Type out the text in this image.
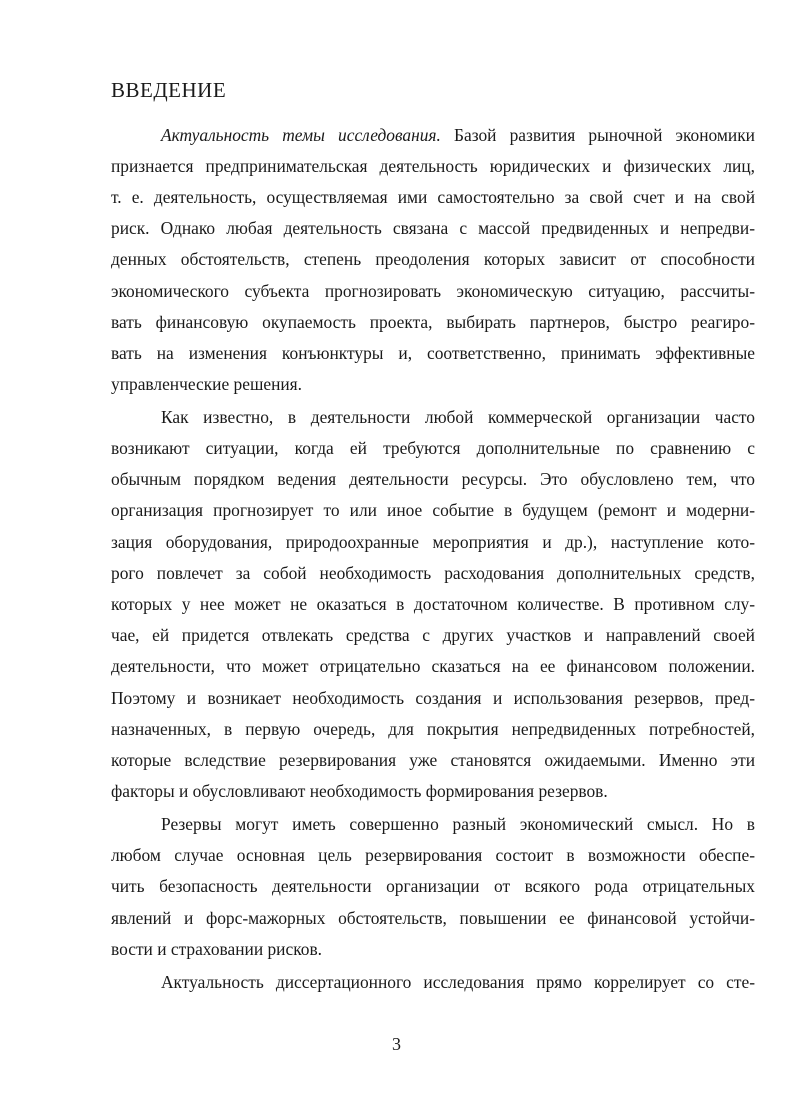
ВВЕДЕНИЕ
Актуальность темы исследования. Базой развития рыночной экономики
признается предпринимательская деятельность юридических и физических лиц,
т. е. деятельность, осуществляемая ими самостоятельно за свой счет и на свой
риск. Однако любая деятельность связана с массой предвиденных и непредви-
денных обстоятельств, степень преодоления которых зависит от способности
экономического субъекта прогнозировать экономическую ситуацию, рассчиты-
вать финансовую окупаемость проекта, выбирать партнеров, быстро реагиро-
вать на изменения конъюнктуры и, соответственно, принимать эффективные
управленческие решения.
Как известно, в деятельности любой коммерческой организации часто
возникают ситуации, когда ей требуются дополнительные по сравнению с
обычным порядком ведения деятельности ресурсы. Это обусловлено тем, что
организация прогнозирует то или иное событие в будущем (ремонт и модерни-
зация оборудования, природоохранные мероприятия и др.), наступление кото-
рого повлечет за собой необходимость расходования дополнительных средств,
которых у нее может не оказаться в достаточном количестве. В противном слу-
чае, ей придется отвлекать средства с других участков и направлений своей
деятельности, что может отрицательно сказаться на ее финансовом положении.
Поэтому и возникает необходимость создания и использования резервов, пред-
назначенных, в первую очередь, для покрытия непредвиденных потребностей,
которые вследствие резервирования уже становятся ожидаемыми. Именно эти
факторы и обусловливают необходимость формирования резервов.
Резервы могут иметь совершенно разный экономический смысл. Но в
любом случае основная цель резервирования состоит в возможности обеспе-
чить безопасность деятельности организации от всякого рода отрицательных
явлений и форс-мажорных обстоятельств, повышении ее финансовой устойчи-
вости и страховании рисков.
Актуальность диссертационного исследования прямо коррелирует со сте-
3
